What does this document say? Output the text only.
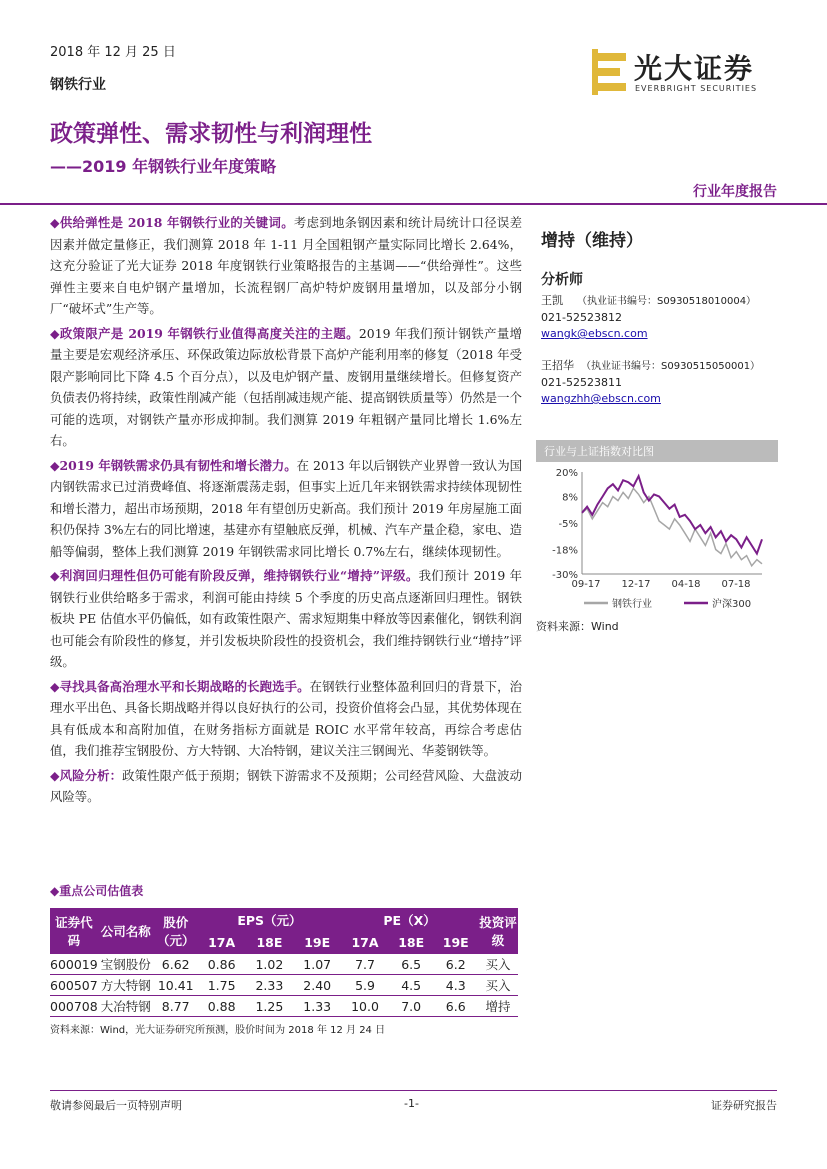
2018 年 12 月 25 日
钢铁行业	光大证券
EVERBRIGHT SECURITIES
政策弹性、需求韧性与利润理性
——2019 年钢铁行业年度策略
行业年度报告

◆供给弹性是 2018 年钢铁行业的关键词。考虑到地条钢因素和统计局统计口径误差因素并做定量修正，我们测算 2018 年 1-11 月全国粗钢产量实际同比增长 2.64%，这充分验证了光大证券 2018 年度钢铁行业策略报告的主基调——“供给弹性”。这些弹性主要来自电炉钢产量增加，长流程钢厂高炉特炉废钢用量增加，以及部分小钢厂“破坏式”生产等。

◆政策限产是 2019 年钢铁行业值得高度关注的主题。2019 年我们预计钢铁产量增量主要是宏观经济承压、环保政策边际放松背景下高炉产能利用率的修复（2018 年受限产影响同比下降 4.5 个百分点），以及电炉钢产量、废钢用量继续增长。但修复资产负债表仍将持续，政策性削减产能（包括削减违规产能、提高钢铁质量等）仍然是一个可能的选项，对钢铁产量亦形成抑制。我们测算 2019 年粗钢产量同比增长 1.6%左右。

◆2019 年钢铁需求仍具有韧性和增长潜力。在 2013 年以后钢铁产业界曾一致认为国内钢铁需求已过消费峰值、将逐渐震荡走弱，但事实上近几年来钢铁需求持续体现韧性和增长潜力，超出市场预期，2018 年有望创历史新高。我们预计 2019 年房屋施工面积仍保持 3%左右的同比增速，基建亦有望触底反弹，机械、汽车产量企稳，家电、造船等偏弱，整体上我们测算 2019 年钢铁需求同比增长 0.7%左右，继续体现韧性。

◆利润回归理性但仍可能有阶段反弹，维持钢铁行业“增持”评级。我们预计 2019 年钢铁行业供给略多于需求，利润可能由持续 5 个季度的历史高点逐渐回归理性。钢铁板块 PE 估值水平仍偏低，如有政策性限产、需求短期集中释放等因素催化，钢铁利润也可能会有阶段性的修复，并引发板块阶段性的投资机会，我们维持钢铁行业“增持”评级。

◆寻找具备高治理水平和长期战略的长跑选手。在钢铁行业整体盈利回归的背景下，治理水平出色、具备长期战略并得以良好执行的公司，投资价值将会凸显，其优势体现在具有低成本和高附加值，在财务指标方面就是 ROIC 水平常年较高，再综合考虑估值，我们推荐宝钢股份、方大特钢、大冶特钢，建议关注三钢闽光、华菱钢铁等。

◆风险分析：政策性限产低于预期；钢铁下游需求不及预期；公司经营风险、大盘波动风险等。

增持（维持）
分析师
王凯 （执业证书编号：S0930518010004）
021-52523812
wangk@ebscn.com
王招华 （执业证书编号：S0930515050001）
021-52523811
wangzhh@ebscn.com
行业与上证指数对比图
20%
8%
-5%
-18%
-30%
09-17 12-17 04-18 07-18
钢铁行业	沪深300
资料来源：Wind
◆重点公司估值表
证券代码	公司名称	股价（元）	EPS（元）			PE（X）			投资评级
			17A	18E	19E	17A	18E	19E	
600019	宝钢股份	6.62	0.86	1.02	1.07	7.7	6.5	6.2	买入
600507	方大特钢	10.41	1.75	2.33	2.40	5.9	4.5	4.3	买入
000708	大冶特钢	8.77	0.88	1.25	1.33	10.0	7.0	6.6	增持
资料来源：Wind，光大证券研究所预测，股价时间为 2018 年 12 月 24 日
敬请参阅最后一页特别声明	-1-	证券研究报告
